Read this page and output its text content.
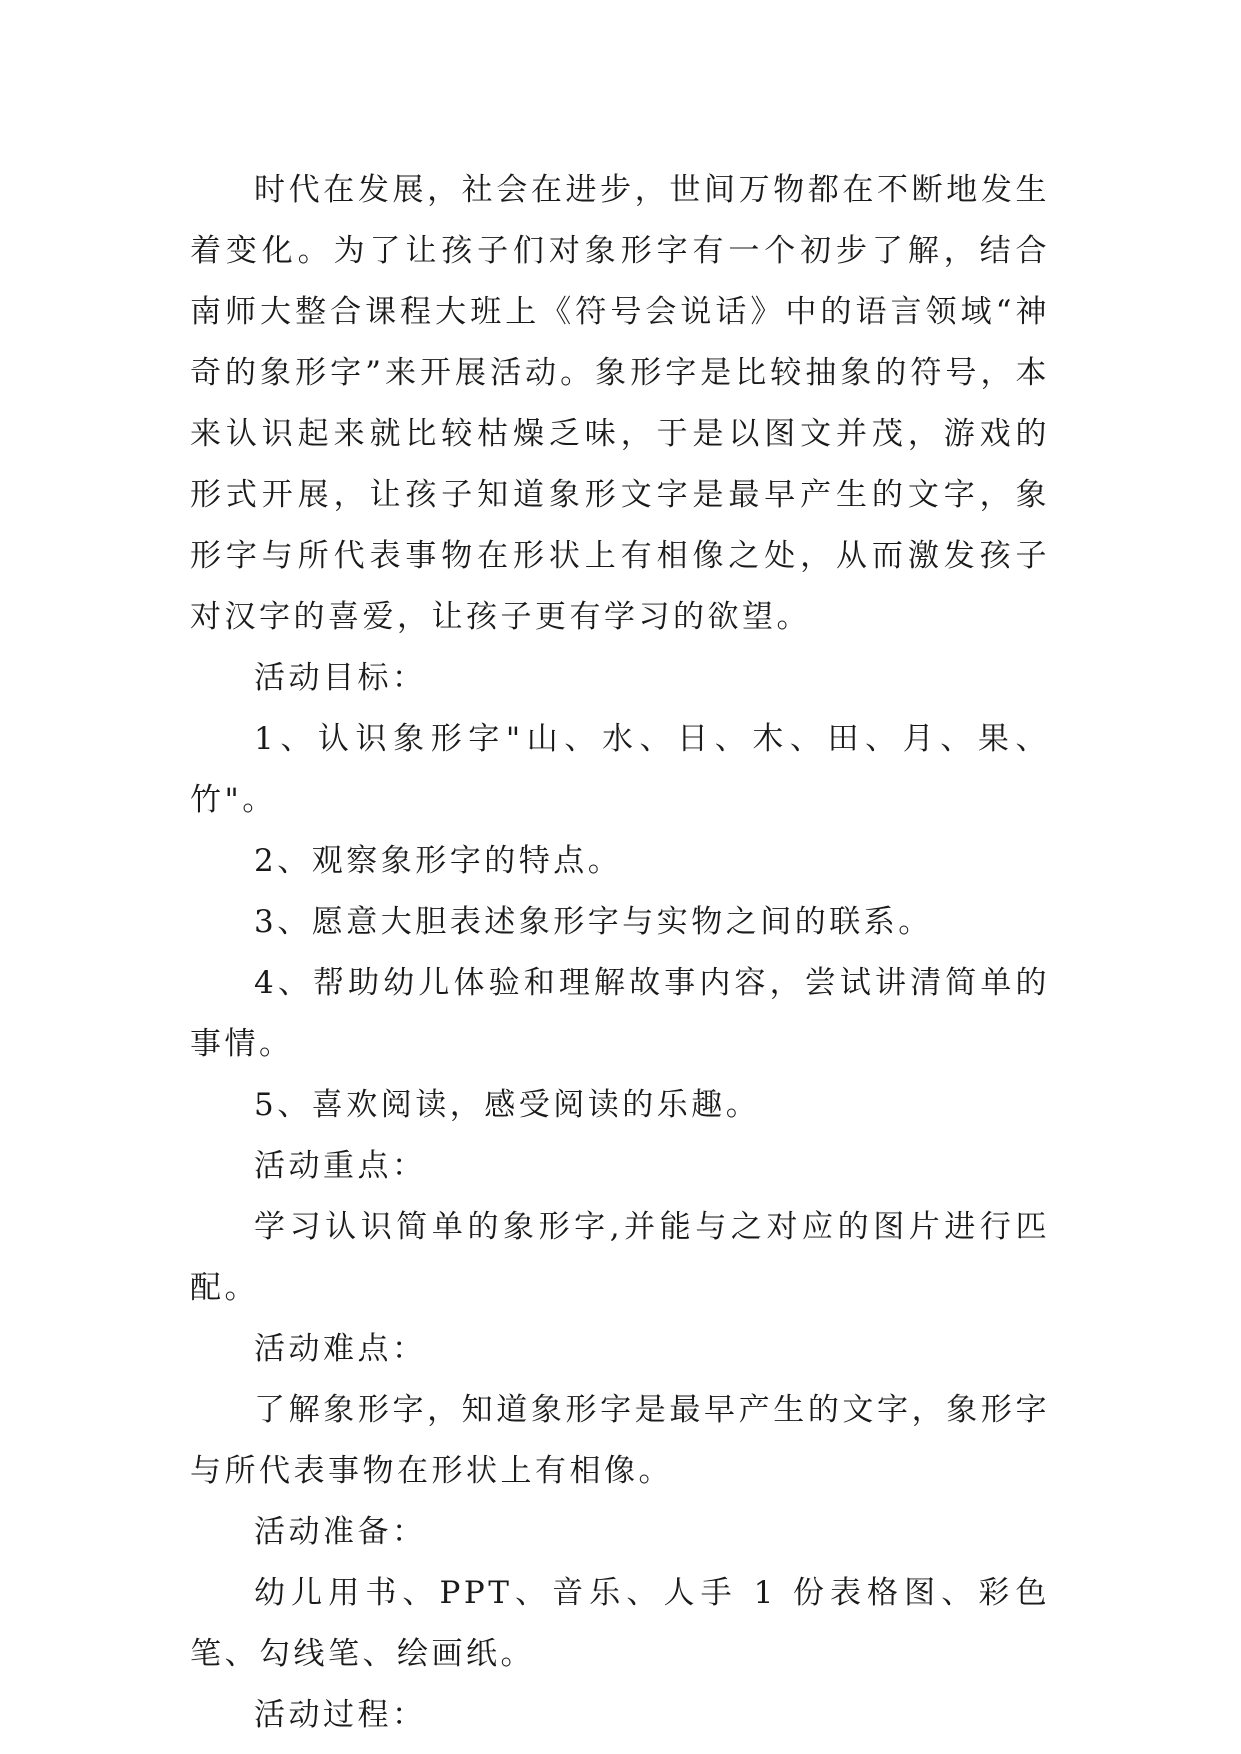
时代在发展，社会在进步，世间万物都在不断地发生着变化。为了让孩子们对象形字有一个初步了解，结合南师大整合课程大班上《符号会说话》中的语言领域“神奇的象形字”来开展活动。象形字是比较抽象的符号，本来认识起来就比较枯燥乏味，于是以图文并茂，游戏的形式开展，让孩子知道象形文字是最早产生的文字，象形字与所代表事物在形状上有相像之处，从而激发孩子对汉字的喜爱，让孩子更有学习的欲望。

活动目标：

1、认识象形字"山、水、日、木、田、月、果、竹"。

2、观察象形字的特点。

3、愿意大胆表述象形字与实物之间的联系。

4、帮助幼儿体验和理解故事内容，尝试讲清简单的事情。

5、喜欢阅读，感受阅读的乐趣。

活动重点：

学习认识简单的象形字,并能与之对应的图片进行匹配。

活动难点：

了解象形字，知道象形字是最早产生的文字，象形字与所代表事物在形状上有相像。

活动准备：

幼儿用书、PPT、音乐、人手 1 份表格图、彩色笔、勾线笔、绘画纸。

活动过程：
